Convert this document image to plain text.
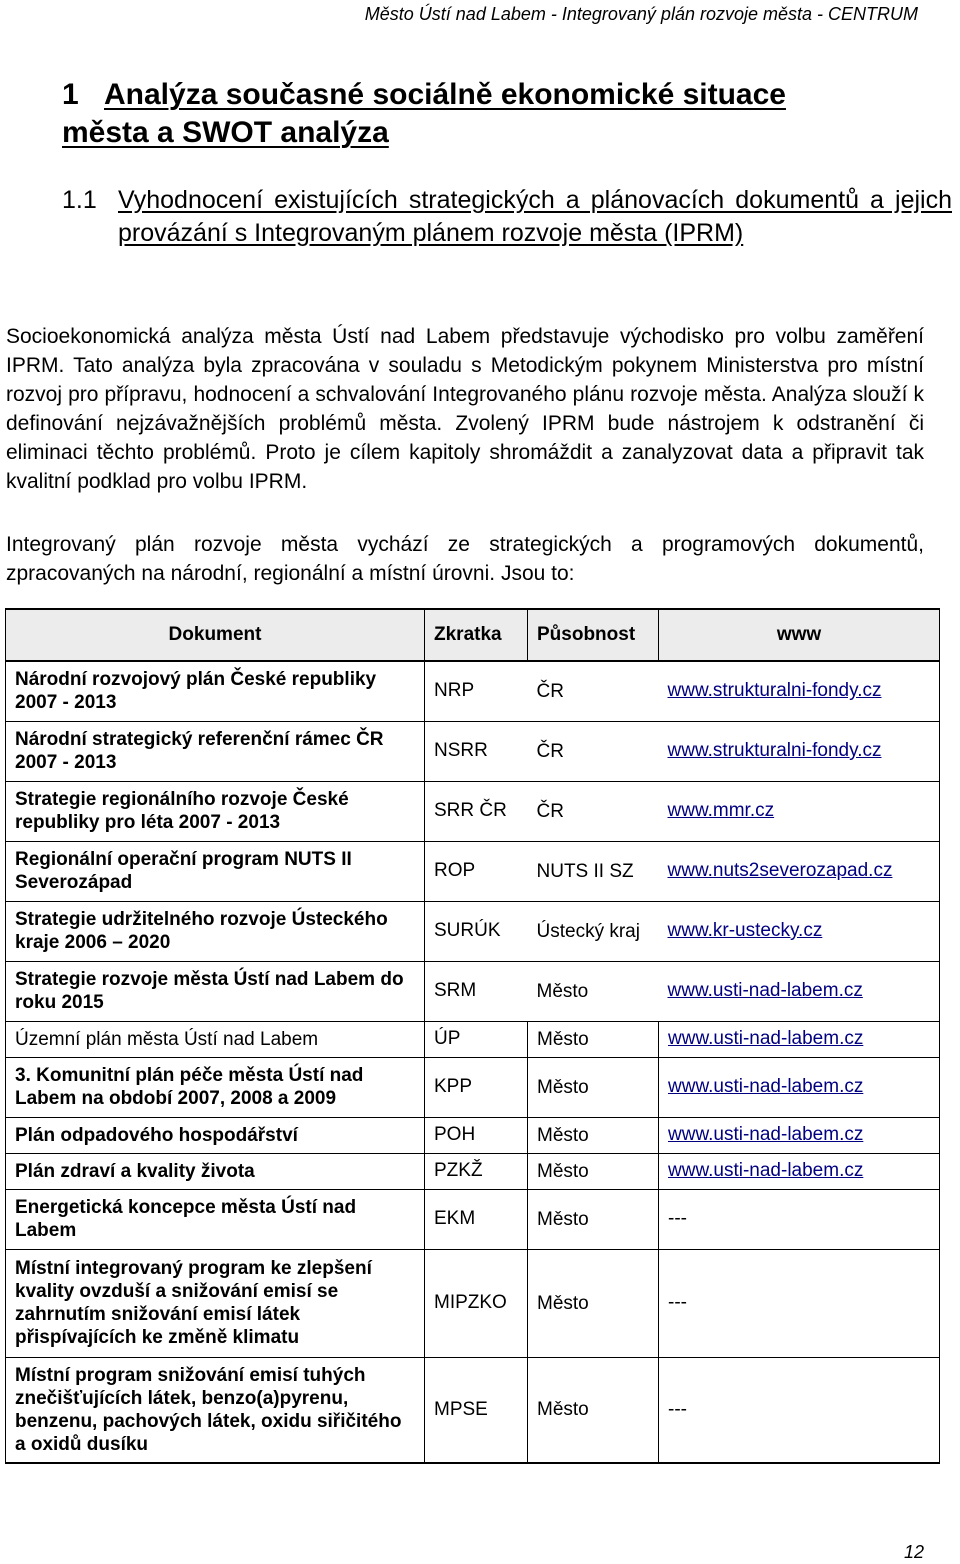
Město Ústí nad Labem - Integrovaný plán rozvoje města - CENTRUM
1 Analýza současné sociálně ekonomické situace města a SWOT analýza
1.1 Vyhodnocení existujících strategických a plánovacích dokumentů a jejich provázání s Integrovaným plánem rozvoje města (IPRM)
Socioekonomická analýza města Ústí nad Labem představuje východisko pro volbu zaměření IPRM. Tato analýza byla zpracována v souladu s Metodickým pokynem Ministerstva pro místní rozvoj pro přípravu, hodnocení a schvalování Integrovaného plánu rozvoje města. Analýza slouží k definování nejzávažnějších problémů města. Zvolený IPRM bude nástrojem k odstranění či eliminaci těchto problémů. Proto je cílem kapitoly shromáždit a zanalyzovat data a připravit tak kvalitní podklad pro volbu IPRM.
Integrovaný plán rozvoje města vychází ze strategických a programových dokumentů, zpracovaných na národní, regionální a místní úrovni. Jsou to:
Dokument	Zkratka	Působnost	www
Národní rozvojový plán České republiky 2007 - 2013	NRP	ČR	www.strukturalni-fondy.cz
Národní strategický referenční rámec ČR 2007 - 2013	NSRR	ČR	www.strukturalni-fondy.cz
Strategie regionálního rozvoje České republiky pro léta 2007 - 2013	SRR ČR	ČR	www.mmr.cz
Regionální operační program NUTS II Severozápad	ROP	NUTS II SZ	www.nuts2severozapad.cz
Strategie udržitelného rozvoje Ústeckého kraje 2006 – 2020	SURÚK	Ústecký kraj	www.kr-ustecky.cz
Strategie rozvoje města Ústí nad Labem do roku 2015	SRM	Město	www.usti-nad-labem.cz
Územní plán města Ústí nad Labem	ÚP	Město	www.usti-nad-labem.cz
3. Komunitní plán péče města Ústí nad Labem na období 2007, 2008 a 2009	KPP	Město	www.usti-nad-labem.cz
Plán odpadového hospodářství	POH	Město	www.usti-nad-labem.cz
Plán zdraví a kvality života	PZKŽ	Město	www.usti-nad-labem.cz
Energetická koncepce města Ústí nad Labem	EKM	Město	---
Místní integrovaný program ke zlepšení kvality ovzduší a snižování emisí se zahrnutím snižování emisí látek přispívajících ke změně klimatu	MIPZKO	Město	---
Místní program snižování emisí tuhých znečišťujících látek, benzo(a)pyrenu, benzenu, pachových látek, oxidu siřičitého a oxidů dusíku	MPSE	Město	---
12
